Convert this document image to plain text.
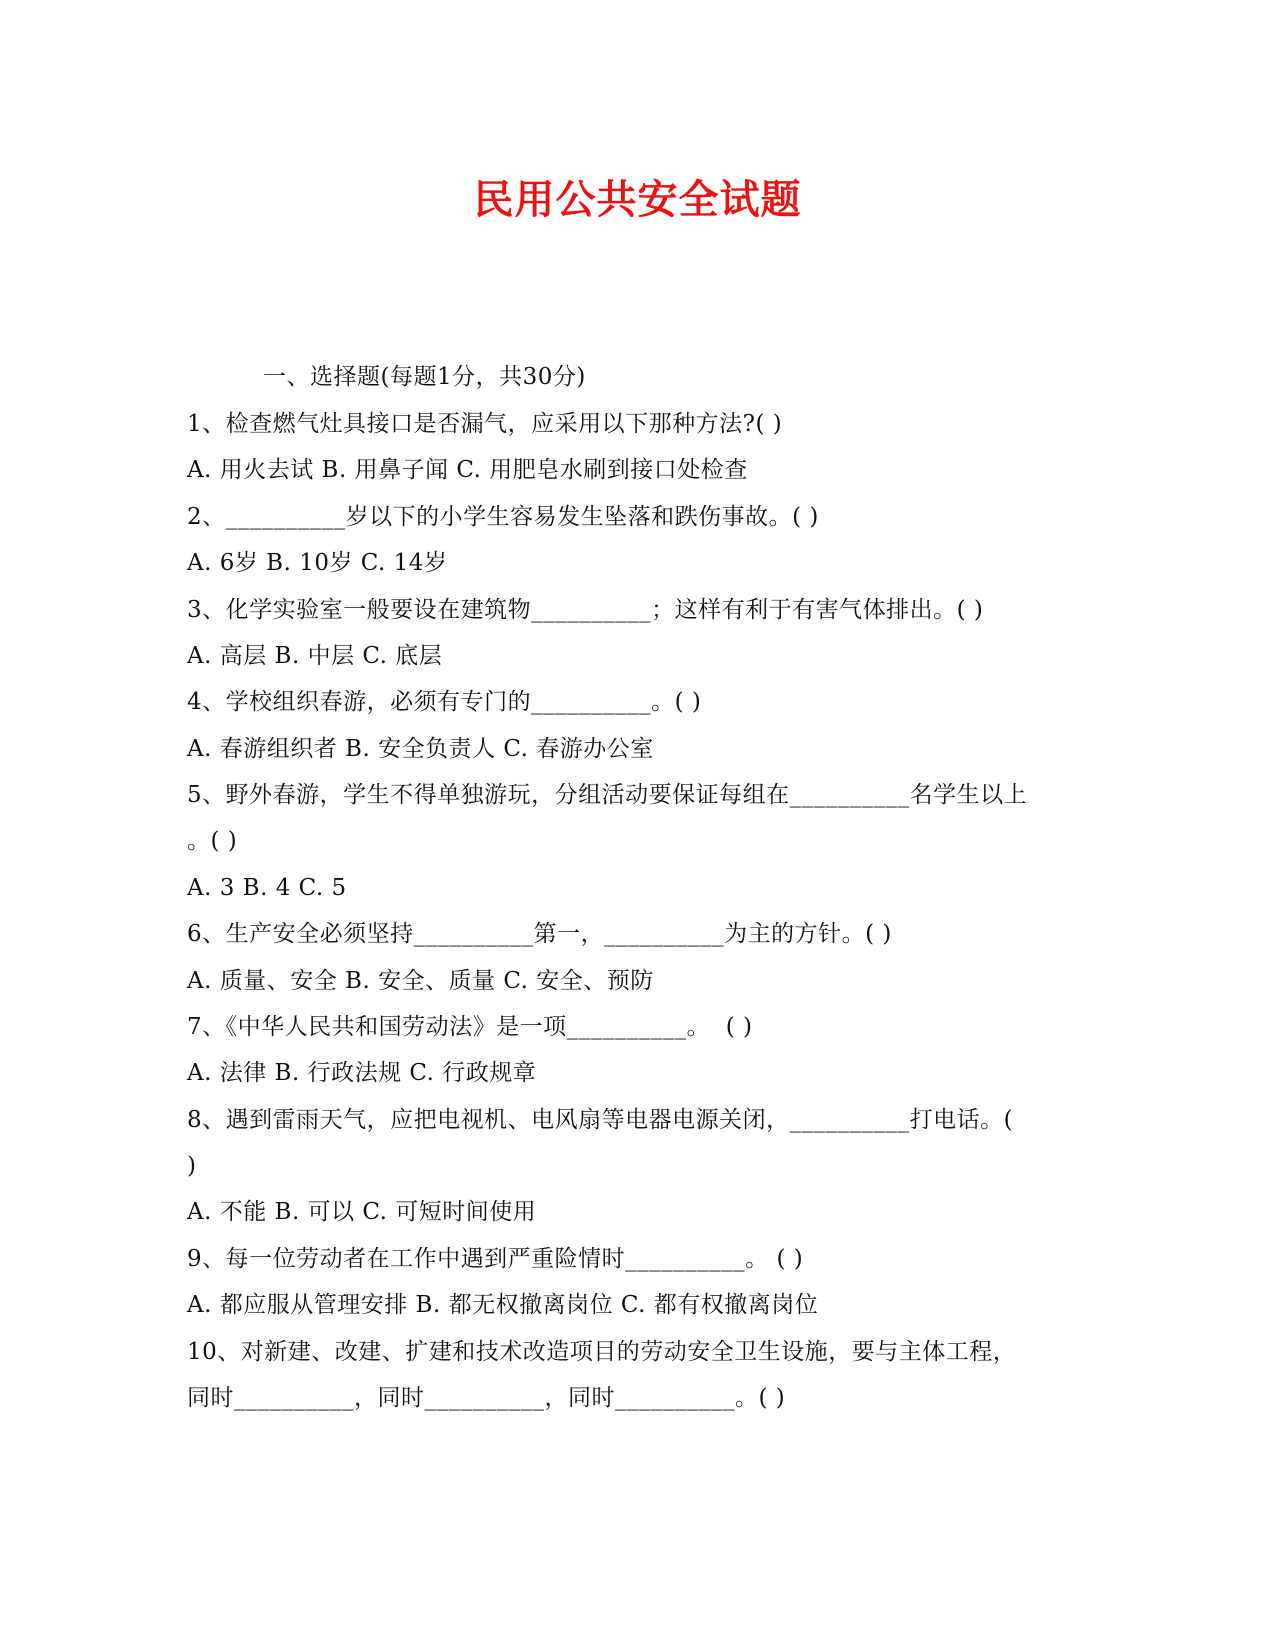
民用公共安全试题
一、选择题(每题1分，共30分)
1、检查燃气灶具接口是否漏气，应采用以下那种方法?( )
A. 用火去试 B. 用鼻子闻 C. 用肥皂水刷到接口处检查
2、__________岁以下的小学生容易发生坠落和跌伤事故。( )
A. 6岁 B. 10岁 C. 14岁
3、化学实验室一般要设在建筑物__________；这样有利于有害气体排出。( )
A. 高层 B. 中层 C. 底层
4、学校组织春游，必须有专门的__________。( )
A. 春游组织者 B. 安全负责人 C. 春游办公室
5、野外春游，学生不得单独游玩，分组活动要保证每组在__________名学生以上
。( )
A. 3 B. 4 C. 5
6、生产安全必须坚持__________第一，__________为主的方针。( )
A. 质量、安全 B. 安全、质量 C. 安全、预防
7、《中华人民共和国劳动法》是一项__________。  ( )
A. 法律 B. 行政法规 C. 行政规章
8、遇到雷雨天气，应把电视机、电风扇等电器电源关闭，__________打电话。(
)
A. 不能 B. 可以 C. 可短时间使用
9、每一位劳动者在工作中遇到严重险情时__________。 ( )
A. 都应服从管理安排 B. 都无权撤离岗位 C. 都有权撤离岗位
10、对新建、改建、扩建和技术改造项目的劳动安全卫生设施，要与主体工程，
同时__________，同时__________，同时__________。( )
